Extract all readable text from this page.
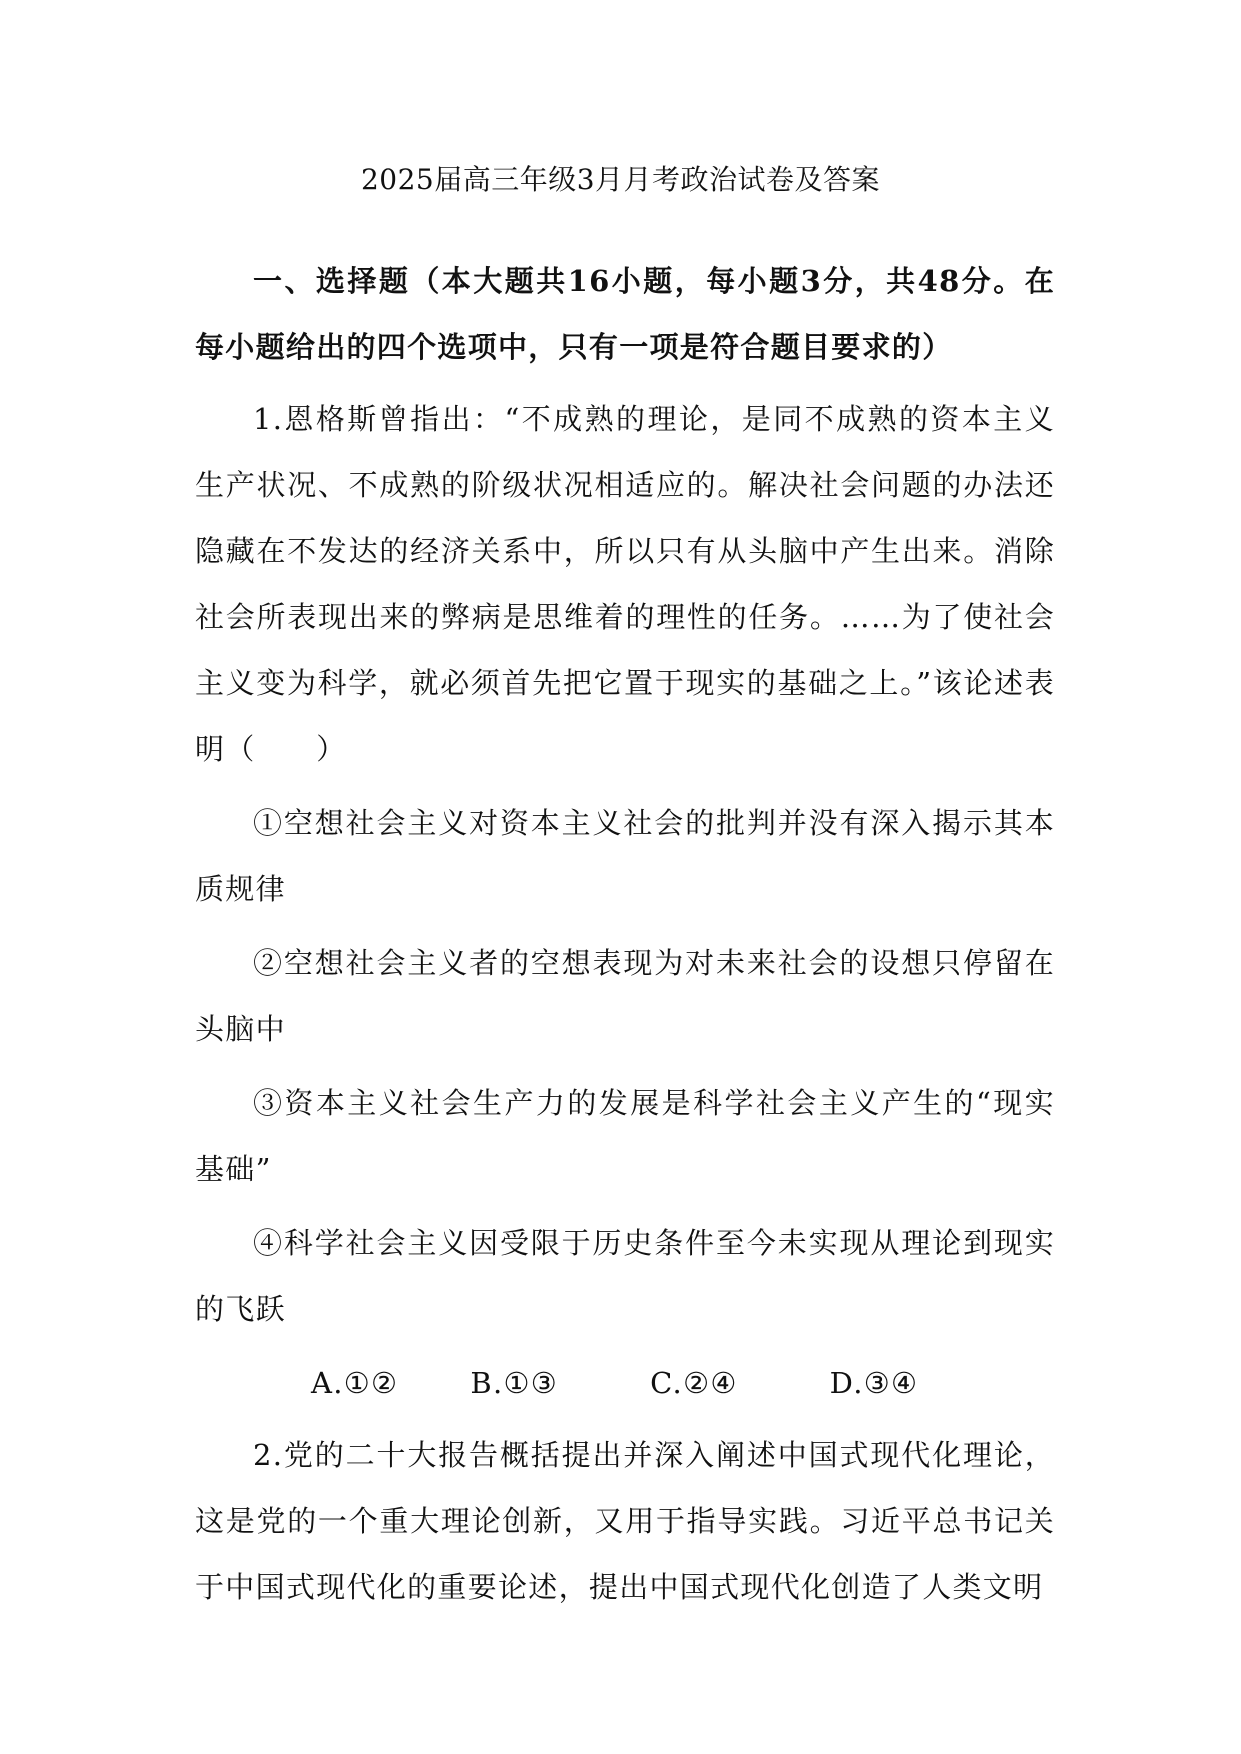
2025届高三年级3月月考政治试卷及答案

一、选择题（本大题共16小题，每小题3分，共48分。在每小题给出的四个选项中，只有一项是符合题目要求的）

1.恩格斯曾指出：“不成熟的理论，是同不成熟的资本主义生产状况、不成熟的阶级状况相适应的。解决社会问题的办法还隐藏在不发达的经济关系中，所以只有从头脑中产生出来。消除社会所表现出来的弊病是思维着的理性的任务。……为了使社会主义变为科学，就必须首先把它置于现实的基础之上。”该论述表明（　　）

①空想社会主义对资本主义社会的批判并没有深入揭示其本质规律

②空想社会主义者的空想表现为对未来社会的设想只停留在头脑中

③资本主义社会生产力的发展是科学社会主义产生的“现实基础”

④科学社会主义因受限于历史条件至今未实现从理论到现实的飞跃

A.①② B.①③	C.②④	D.③④

2.党的二十大报告概括提出并深入阐述中国式现代化理论，这是党的一个重大理论创新，又用于指导实践。习近平总书记关于中国式现代化的重要论述，提出中国式现代化创造了人类文明
